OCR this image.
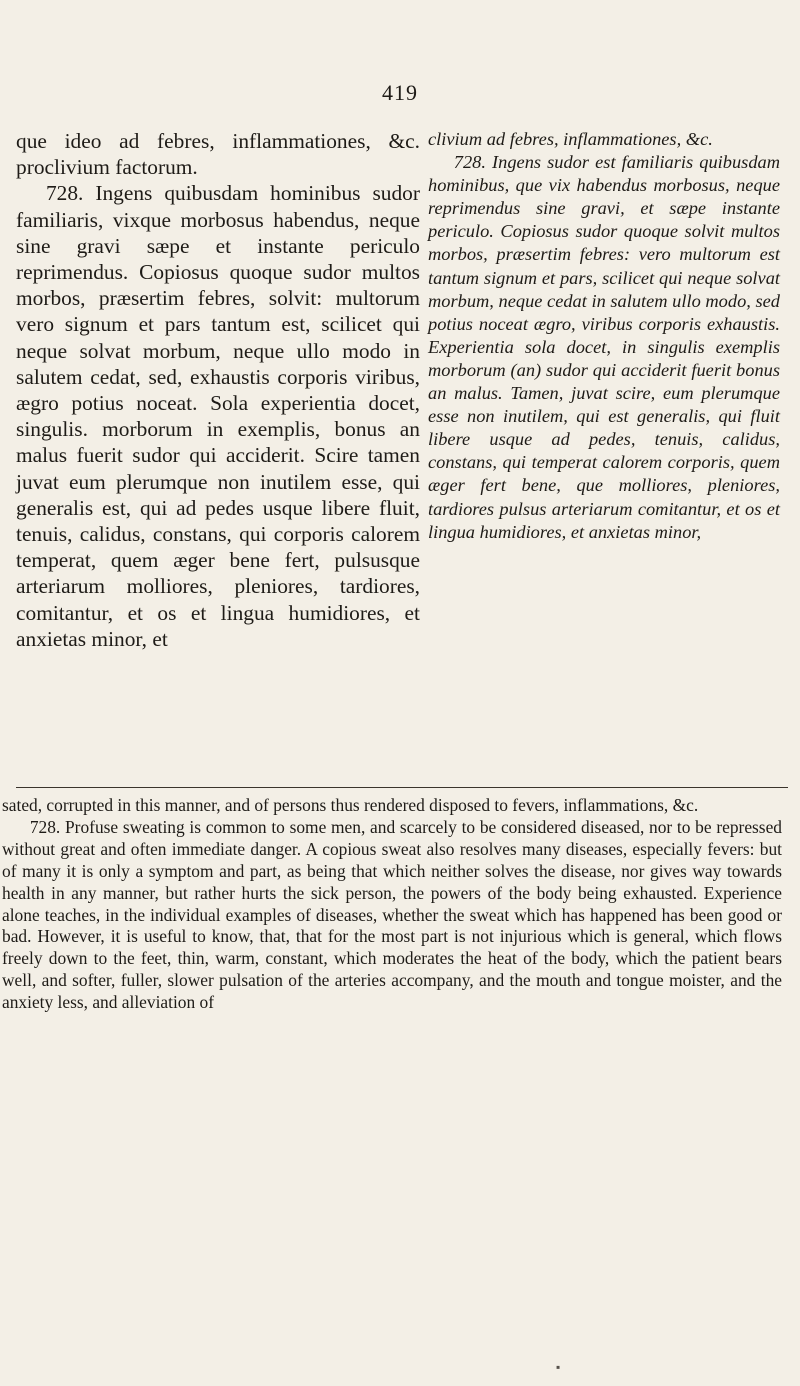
419

que ideo ad febres, inflammationes, &c. proclivium factorum.

728. Ingens quibusdam hominibus sudor familiaris, vixque morbosus habendus, neque sine gravi sæpe et instante periculo reprimendus. Copiosus quoque sudor multos morbos, præsertim febres, solvit: multorum vero signum et pars tantum est, scilicet qui neque solvat morbum, neque ullo modo in salutem cedat, sed, exhaustis corporis viribus, ægro potius noceat. Sola experientia docet, singulis. morborum in exemplis, bonus an malus fuerit sudor qui acciderit. Scire tamen juvat eum plerumque non inutilem esse, qui generalis est, qui ad pedes usque libere fluit, tenuis, calidus, constans, qui corporis calorem temperat, quem æger bene fert, pulsusque arteriarum molliores, pleniores, tardiores, comitantur, et os et lingua humidiores, et anxietas minor, et

clivium ad febres, inflammationes, &c.

728. Ingens sudor est familiaris quibusdam hominibus, que vix habendus morbosus, neque reprimendus sine gravi, et sæpe instante periculo. Copiosus sudor quoque solvit multos morbos, præsertim febres: vero multorum est tantum signum et pars, scilicet qui neque solvat morbum, neque cedat in salutem ullo modo, sed potius noceat ægro, viribus corporis exhaustis. Experientia sola docet, in singulis exemplis morborum (an) sudor qui acciderit fuerit bonus an malus. Tamen, juvat scire, eum plerumque esse non inutilem, qui est generalis, qui fluit libere usque ad pedes, tenuis, calidus, constans, qui temperat calorem corporis, quem æger fert bene, que molliores, pleniores, tardiores pulsus arteriarum comitantur, et os et lingua humidiores, et anxietas minor,

sated, corrupted in this manner, and of persons thus rendered disposed to fevers, inflammations, &c.

728. Profuse sweating is common to some men, and scarcely to be considered diseased, nor to be repressed without great and often immediate danger. A copious sweat also resolves many diseases, especially fevers: but of many it is only a symptom and part, as being that which neither solves the disease, nor gives way towards health in any manner, but rather hurts the sick person, the powers of the body being exhausted. Experience alone teaches, in the individual examples of diseases, whether the sweat which has happened has been good or bad. However, it is useful to know, that, that for the most part is not injurious which is general, which flows freely down to the feet, thin, warm, constant, which moderates the heat of the body, which the patient bears well, and softer, fuller, slower pulsation of the arteries accompany, and the mouth and tongue moister, and the anxiety less, and alleviation of

▪
